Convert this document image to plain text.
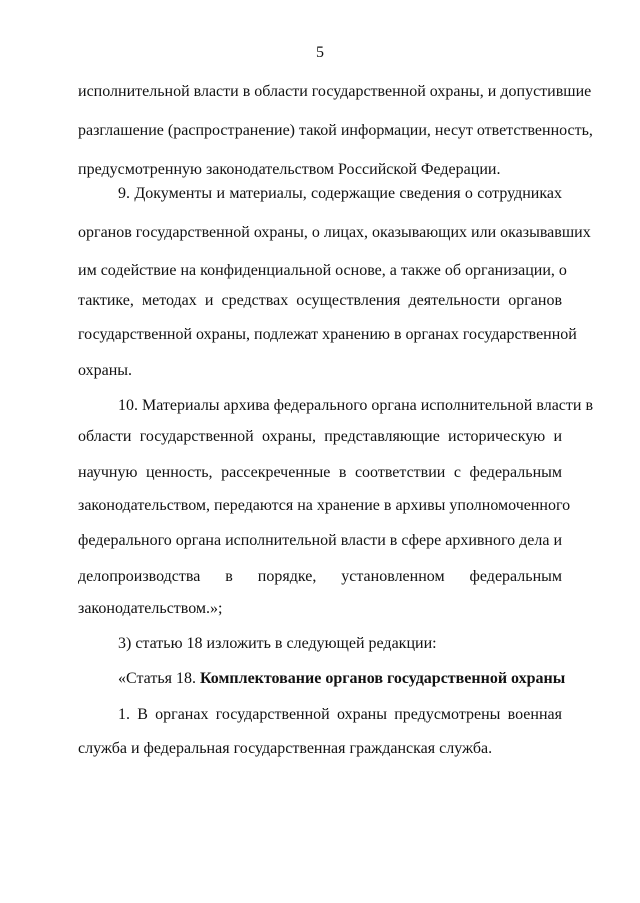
5
исполнительной власти в области государственной охраны, и допустившие
разглашение (распространение) такой информации, несут ответственность,
предусмотренную законодательством Российской Федерации.
9. Документы и материалы, содержащие сведения о сотрудниках
органов государственной охраны, о лицах, оказывающих или оказывавших
им содействие на конфиденциальной основе, а также об организации, о
тактике, методах и средствах осуществления деятельности органов
государственной охраны, подлежат хранению в органах государственной
охраны.
10. Материалы архива федерального органа исполнительной власти в
области государственной охраны, представляющие историческую и
научную ценность, рассекреченные в соответствии с федеральным
законодательством, передаются на хранение в архивы уполномоченного
федерального органа исполнительной власти в сфере архивного дела и
делопроизводства в порядке, установленном федеральным
законодательством.»;
3) статью 18 изложить в следующей редакции:
«Статья 18. Комплектование органов государственной охраны
1. В органах государственной охраны предусмотрены военная
служба и федеральная государственная гражданская служба.
